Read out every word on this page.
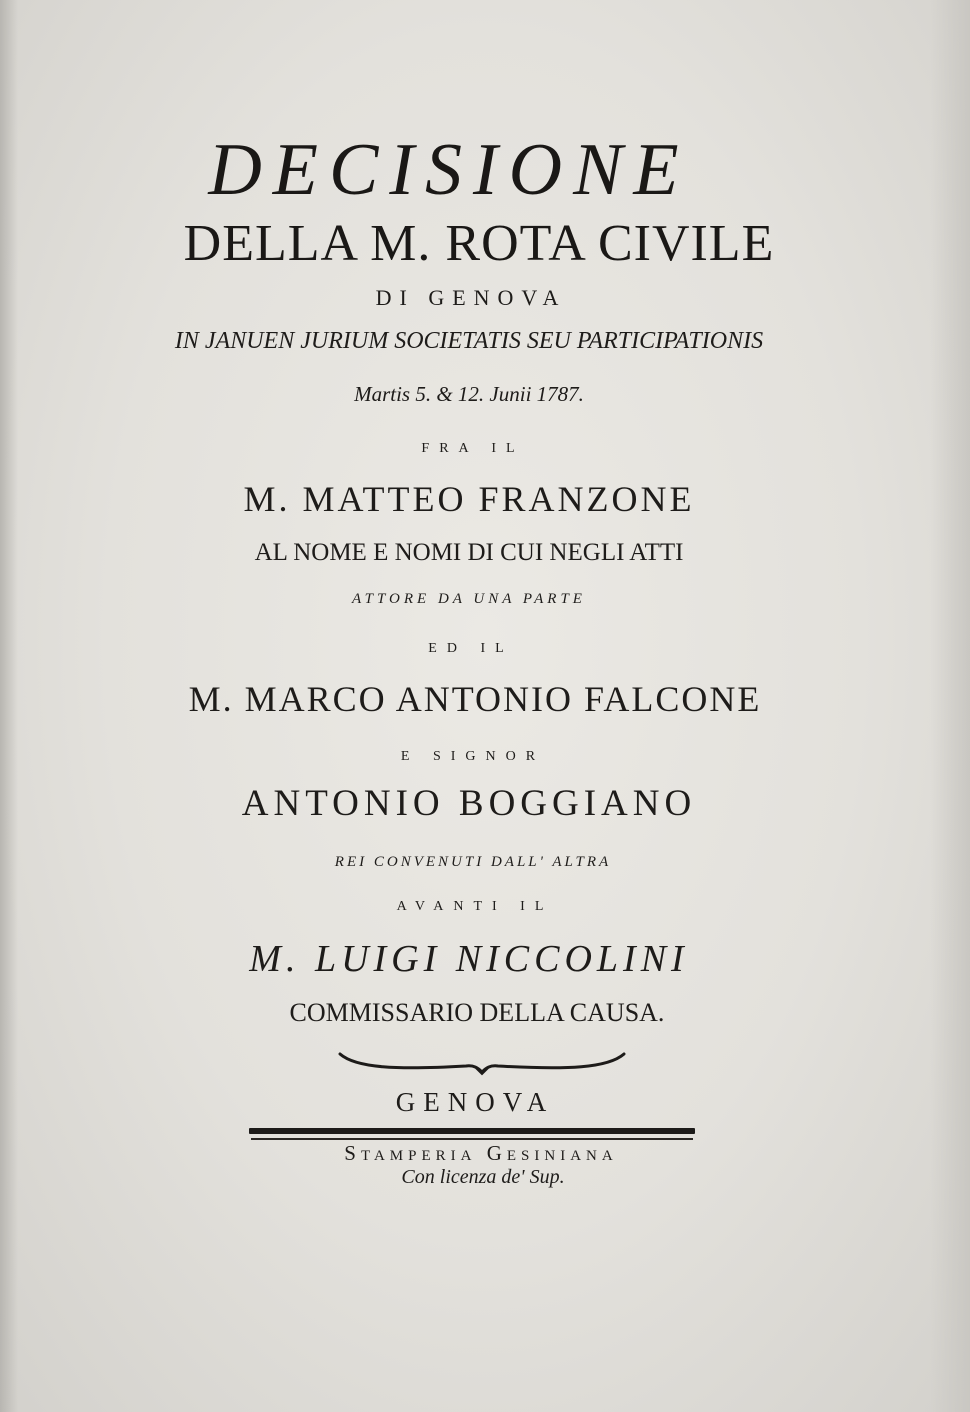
DECISIONE
DELLA M. ROTA CIVILE
DI GENOVA
IN JANUEN JURIUM SOCIETATIS SEU PARTICIPATIONIS
Martis 5. & 12. Junii 1787.
FRA IL
M. MATTEO FRANZONE
AL NOME E NOMI DI CUI NEGLI ATTI
ATTORE DA UNA PARTE
ED IL
M. MARCO ANTONIO FALCONE
E SIGNOR
ANTONIO BOGGIANO
REI CONVENUTI DALL' ALTRA
AVANTI IL
M. LUIGI NICCOLINI
COMMISSARIO DELLA CAUSA.
GENOVA
STAMPERIA GESINIANA
Con licenza de' Sup.
